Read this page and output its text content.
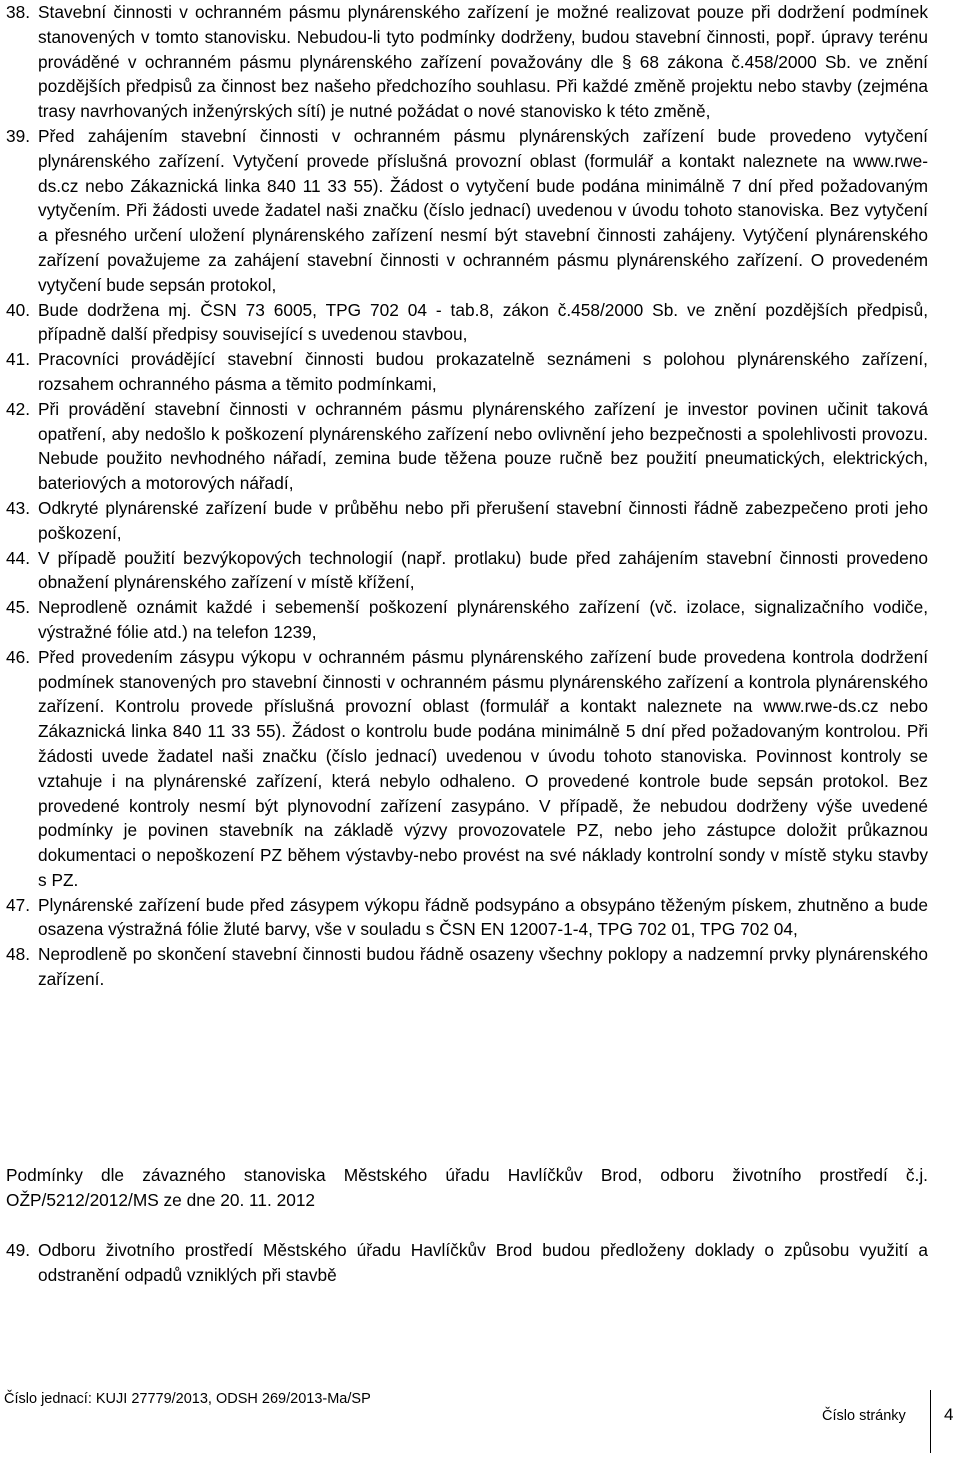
38. Stavební činnosti v ochranném pásmu plynárenského zařízení je možné realizovat pouze při dodržení podmínek stanovených v tomto stanovisku. Nebudou-li tyto podmínky dodrženy, budou stavební činnosti, popř. úpravy terénu prováděné v ochranném pásmu plynárenského zařízení považovány dle § 68 zákona č.458/2000 Sb. ve znění pozdějších předpisů za činnost bez našeho předchozího souhlasu. Při každé změně projektu nebo stavby (zejména trasy navrhovaných inženýrských sítí) je nutné požádat o nové stanovisko k této změně,
39. Před zahájením stavební činnosti v ochranném pásmu plynárenských zařízení bude provedeno vytyčení plynárenského zařízení. Vytyčení provede příslušná provozní oblast (formulář a kontakt naleznete na www.rwe-ds.cz nebo Zákaznická linka 840 11 33 55). Žádost o vytyčení bude podána minimálně 7 dní před požadovaným vytyčením. Při žádosti uvede žadatel naši značku (číslo jednací) uvedenou v úvodu tohoto stanoviska. Bez vytyčení a přesného určení uložení plynárenského zařízení nesmí být stavební činnosti zahájeny. Vytýčení plynárenského zařízení považujeme za zahájení stavební činnosti v ochranném pásmu plynárenského zařízení. O provedeném vytyčení bude sepsán protokol,
40. Bude dodržena mj. ČSN 73 6005, TPG 702 04 - tab.8, zákon č.458/2000 Sb. ve znění pozdějších předpisů, případně další předpisy související s uvedenou stavbou,
41. Pracovníci provádějící stavební činnosti budou prokazatelně seznámeni s polohou plynárenského zařízení, rozsahem ochranného pásma a těmito podmínkami,
42. Při provádění stavební činnosti v ochranném pásmu plynárenského zařízení je investor povinen učinit taková opatření, aby nedošlo k poškození plynárenského zařízení nebo ovlivnění jeho bezpečnosti a spolehlivosti provozu. Nebude použito nevhodného nářadí, zemina bude těžena pouze ručně bez použití pneumatických, elektrických, bateriových a motorových nářadí,
43. Odkryté plynárenské zařízení bude v průběhu nebo při přerušení stavební činnosti řádně zabezpečeno proti jeho poškození,
44. V případě použití bezvýkopových technologií (např. protlaku) bude před zahájením stavební činnosti provedeno obnažení plynárenského zařízení v místě křížení,
45. Neprodleně oznámit každé i sebemenší poškození plynárenského zařízení (vč. izolace, signalizačního vodiče, výstražné fólie atd.) na telefon 1239,
46. Před provedením zásypu výkopu v ochranném pásmu plynárenského zařízení bude provedena kontrola dodržení podmínek stanovených pro stavební činnosti v ochranném pásmu plynárenského zařízení a kontrola plynárenského zařízení. Kontrolu provede příslušná provozní oblast (formulář a kontakt naleznete na www.rwe-ds.cz nebo Zákaznická linka 840 11 33 55). Žádost o kontrolu bude podána minimálně 5 dní před požadovaným kontrolou. Při žádosti uvede žadatel naši značku (číslo jednací) uvedenou v úvodu tohoto stanoviska. Povinnost kontroly se vztahuje i na plynárenské zařízení, která nebylo odhaleno. O provedené kontrole bude sepsán protokol. Bez provedené kontroly nesmí být plynovodní zařízení zasypáno. V případě, že nebudou dodrženy výše uvedené podmínky je povinen stavebník na základě výzvy provozovatele PZ, nebo jeho zástupce doložit průkaznou dokumentaci o nepoškození PZ během výstavby-nebo provést na své náklady kontrolní sondy v místě styku stavby s PZ.
47. Plynárenské zařízení bude před zásypem výkopu řádně podsypáno a obsypáno těženým pískem, zhutněno a bude osazena výstražná fólie žluté barvy, vše v souladu s ČSN EN 12007-1-4, TPG 702 01, TPG 702 04,
48. Neprodleně po skončení stavební činnosti budou řádně osazeny všechny poklopy a nadzemní prvky plynárenského zařízení.
Podmínky dle závazného stanoviska Městského úřadu Havlíčkův Brod, odboru životního prostředí č.j. OŽP/5212/2012/MS ze dne 20. 11. 2012
49. Odboru životního prostředí Městského úřadu Havlíčkův Brod budou předloženy doklady o způsobu využití a odstranění odpadů vzniklých při stavbě
Číslo jednací: KUJI 27779/2013, ODSH 269/2013-Ma/SP
Číslo stránky 4
